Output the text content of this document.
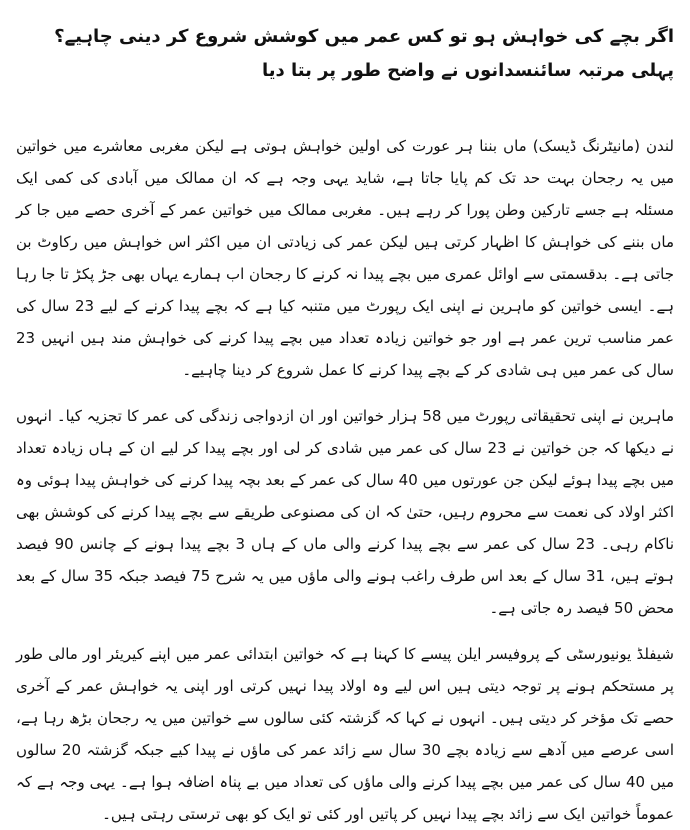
اگر بچے کی خواہش ہو تو کس عمر میں کوشش شروع کر دینی چاہیے؟ پہلی مرتبہ سائنسدانوں نے واضح طور پر بتا دیا

لندن (مانیٹرنگ ڈیسک) ماں بننا ہر عورت کی اولین خواہش ہوتی ہے لیکن مغربی معاشرے میں خواتین میں یہ رجحان بہت حد تک کم پایا جاتا ہے، شاید یہی وجہ ہے کہ ان ممالک میں آبادی کی کمی ایک مسئلہ ہے جسے تارکین وطن پورا کر رہے ہیں۔ مغربی ممالک میں خواتین عمر کے آخری حصے میں جا کر ماں بننے کی خواہش کا اظہار کرتی ہیں لیکن عمر کی زیادتی ان میں اکثر اس خواہش میں رکاوٹ بن جاتی ہے۔ بدقسمتی سے اوائل عمری میں بچے پیدا نہ کرنے کا رجحان اب ہمارے یہاں بھی جڑ پکڑ تا جا رہا ہے۔ ایسی خواتین کو ماہرین نے اپنی ایک رپورٹ میں متنبہ کیا ہے کہ بچے پیدا کرنے کے لیے 23 سال کی عمر مناسب ترین عمر ہے اور جو خواتین زیادہ تعداد میں بچے پیدا کرنے کی خواہش مند ہیں انہیں 23 سال کی عمر میں ہی شادی کر کے بچے پیدا کرنے کا عمل شروع کر دینا چاہیے۔

ماہرین نے اپنی تحقیقاتی رپورٹ میں 58 ہزار خواتین اور ان ازدواجی زندگی کی عمر کا تجزیہ کیا۔ انہوں نے دیکھا کہ جن خواتین نے 23 سال کی عمر میں شادی کر لی اور بچے پیدا کر لیے ان کے ہاں زیادہ تعداد میں بچے پیدا ہوئے لیکن جن عورتوں میں 40 سال کی عمر کے بعد بچہ پیدا کرنے کی خواہش پیدا ہوئی وہ اکثر اولاد کی نعمت سے محروم رہیں، حتیٰ کہ ان کی مصنوعی طریقے سے بچے پیدا کرنے کی کوشش بھی ناکام رہی۔ 23 سال کی عمر سے بچے پیدا کرنے والی ماں کے ہاں 3 بچے پیدا ہونے کے چانس 90 فیصد ہوتے ہیں، 31 سال کے بعد اس طرف راغب ہونے والی ماؤں میں یہ شرح 75 فیصد جبکہ 35 سال کے بعد محض 50 فیصد رہ جاتی ہے۔

شیفلڈ یونیورسٹی کے پروفیسر ایلن پیسے کا کہنا ہے کہ خواتین ابتدائی عمر میں اپنے کیریئر اور مالی طور پر مستحکم ہونے پر توجہ دیتی ہیں اس لیے وہ اولاد پیدا نہیں کرتی اور اپنی یہ خواہش عمر کے آخری حصے تک مؤخر کر دیتی ہیں۔ انہوں نے کہا کہ گزشتہ کئی سالوں سے خواتین میں یہ رجحان بڑھ رہا ہے، اسی عرصے میں آدھے سے زیادہ بچے 30 سال سے زائد عمر کی ماؤں نے پیدا کیے جبکہ گزشتہ 20 سالوں میں 40 سال کی عمر میں بچے پیدا کرنے والی ماؤں کی تعداد میں بے پناہ اضافہ ہوا ہے۔ یہی وجہ ہے کہ عموماً خواتین ایک سے زائد بچے پیدا نہیں کر پاتیں اور کئی تو ایک کو بھی ترستی رہتی ہیں۔
